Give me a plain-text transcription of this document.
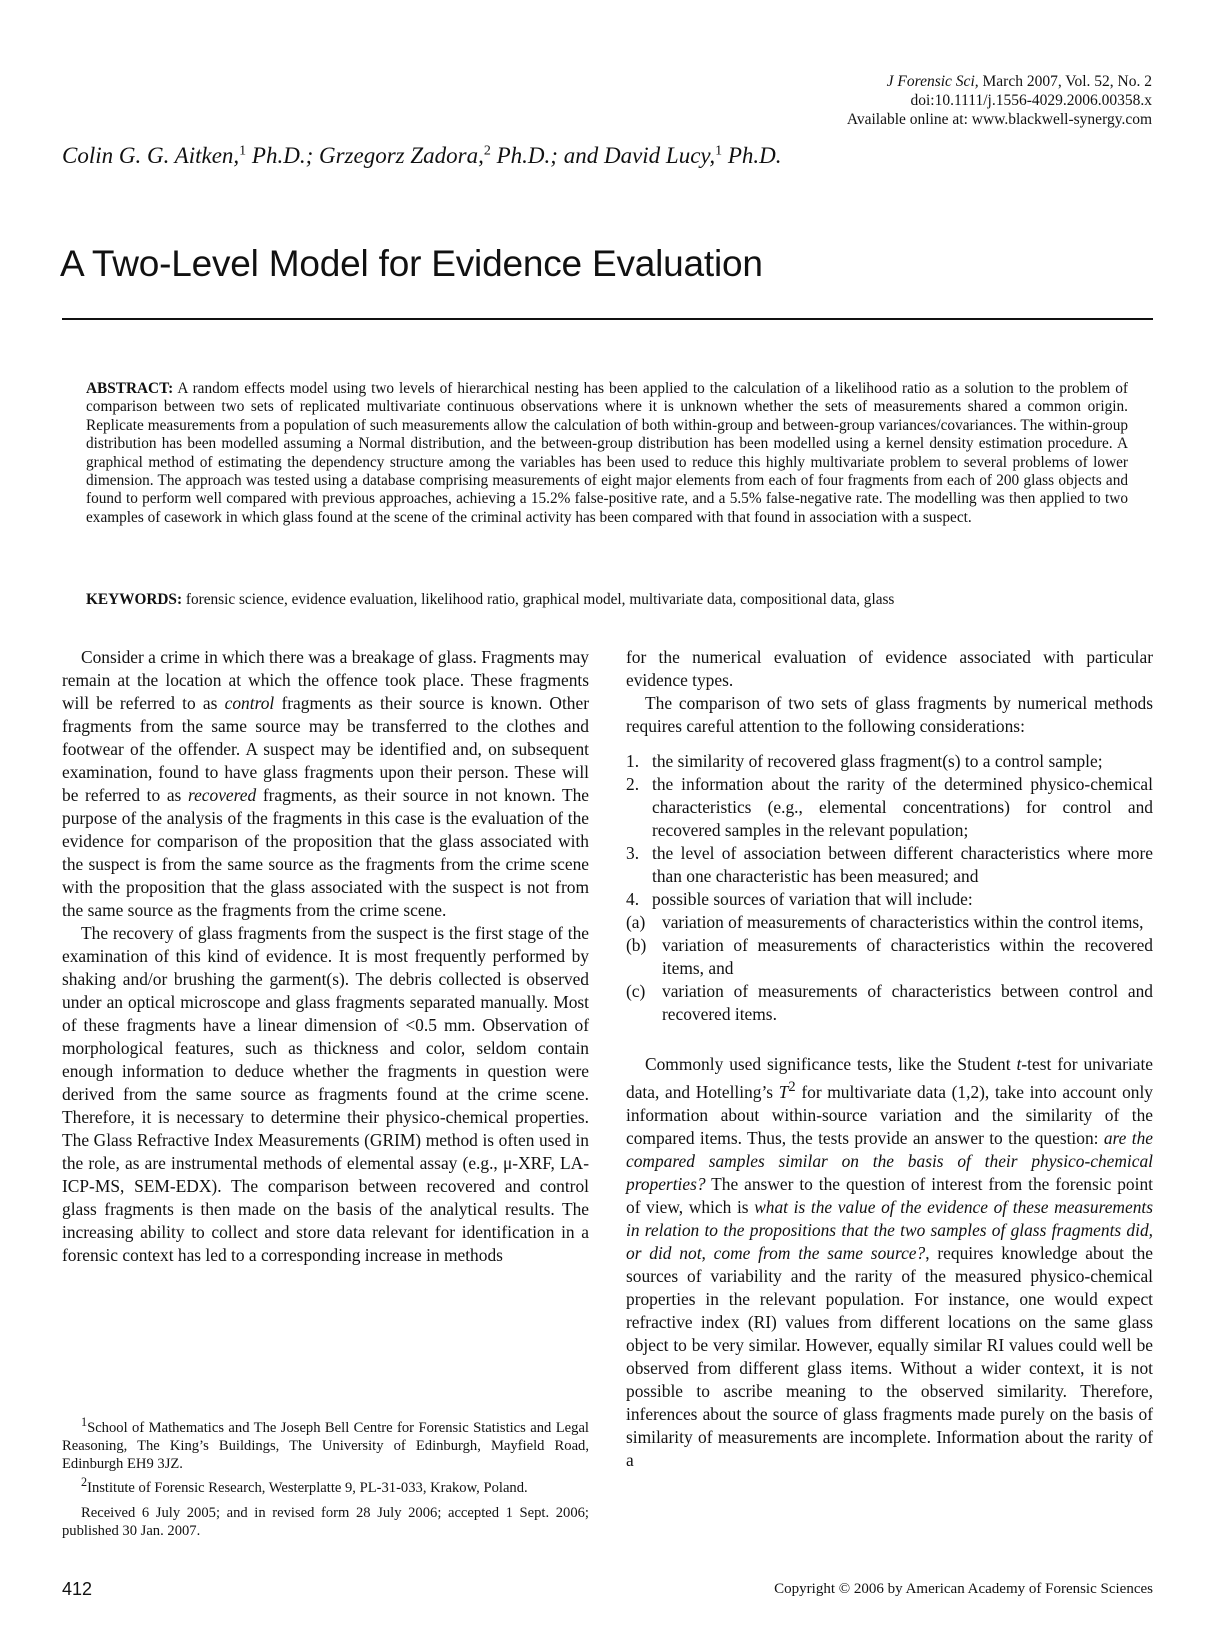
J Forensic Sci, March 2007, Vol. 52, No. 2
doi:10.1111/j.1556-4029.2006.00358.x
Available online at: www.blackwell-synergy.com
Colin G. G. Aitken,$^1$ Ph.D.; Grzegorz Zadora,$^2$ Ph.D.; and David Lucy,$^1$ Ph.D.
A Two-Level Model for Evidence Evaluation
ABSTRACT: A random effects model using two levels of hierarchical nesting has been applied to the calculation of a likelihood ratio as a solution to the problem of comparison between two sets of replicated multivariate continuous observations where it is unknown whether the sets of measurements shared a common origin. Replicate measurements from a population of such measurements allow the calculation of both within-group and between-group variances/covariances. The within-group distribution has been modelled assuming a Normal distribution, and the between-group distribution has been modelled using a kernel density estimation procedure. A graphical method of estimating the dependency structure among the variables has been used to reduce this highly multivariate problem to several problems of lower dimension. The approach was tested using a database comprising measurements of eight major elements from each of four fragments from each of 200 glass objects and found to perform well compared with previous approaches, achieving a 15.2% false-positive rate, and a 5.5% false-negative rate. The modelling was then applied to two examples of casework in which glass found at the scene of the criminal activity has been compared with that found in association with a suspect.
KEYWORDS: forensic science, evidence evaluation, likelihood ratio, graphical model, multivariate data, compositional data, glass

Consider a crime in which there was a breakage of glass. Fragments may remain at the location at which the offence took place. These fragments will be referred to as control fragments as their source is known. Other fragments from the same source may be transferred to the clothes and footwear of the offender. A suspect may be identified and, on subsequent examination, found to have glass fragments upon their person. These will be referred to as recovered fragments, as their source in not known. The purpose of the analysis of the fragments in this case is the evaluation of the evidence for comparison of the proposition that the glass associated with the suspect is from the same source as the fragments from the crime scene with the proposition that the glass associated with the suspect is not from the same source as the fragments from the crime scene.

The recovery of glass fragments from the suspect is the first stage of the examination of this kind of evidence. It is most frequently performed by shaking and/or brushing the garment(s). The debris collected is observed under an optical microscope and glass fragments separated manually. Most of these fragments have a linear dimension of <0.5 mm. Observation of morphological features, such as thickness and color, seldom contain enough information to deduce whether the fragments in question were derived from the same source as fragments found at the crime scene. Therefore, it is necessary to determine their physico-chemical properties. The Glass Refractive Index Measurements (GRIM) method is often used in the role, as are instrumental methods of elemental assay (e.g., μ-XRF, LA-ICP-MS, SEM-EDX). The comparison between recovered and control glass fragments is then made on the basis of the analytical results. The increasing ability to collect and store data relevant for identification in a forensic context has led to a corresponding increase in methods

$^1$School of Mathematics and The Joseph Bell Centre for Forensic Statistics and Legal Reasoning, The King’s Buildings, The University of Edinburgh, Mayfield Road, Edinburgh EH9 3JZ.

$^2$Institute of Forensic Research, Westerplatte 9, PL-31-033, Krakow, Poland.

Received 6 July 2005; and in revised form 28 July 2006; accepted 1 Sept. 2006; published 30 Jan. 2007.

for the numerical evaluation of evidence associated with particular evidence types.

The comparison of two sets of glass fragments by numerical methods requires careful attention to the following considerations:

1. the similarity of recovered glass fragment(s) to a control sample;
2. the information about the rarity of the determined physico-chemical characteristics (e.g., elemental concentrations) for control and recovered samples in the relevant population;
3. the level of association between different characteristics where more than one characteristic has been measured; and
4. possible sources of variation that will include:
(a) variation of measurements of characteristics within the control items,
(b) variation of measurements of characteristics within the recovered items, and
(c) variation of measurements of characteristics between control and recovered items.

Commonly used significance tests, like the Student t-test for univariate data, and Hotelling’s $T^2$ for multivariate data (1,2), take into account only information about within-source variation and the similarity of the compared items. Thus, the tests provide an answer to the question: are the compared samples similar on the basis of their physico-chemical properties? The answer to the question of interest from the forensic point of view, which is what is the value of the evidence of these measurements in relation to the propositions that the two samples of glass fragments did, or did not, come from the same source?, requires knowledge about the sources of variability and the rarity of the measured physico-chemical properties in the relevant population. For instance, one would expect refractive index (RI) values from different locations on the same glass object to be very similar. However, equally similar RI values could well be observed from different glass items. Without a wider context, it is not possible to ascribe meaning to the observed similarity. Therefore, inferences about the source of glass fragments made purely on the basis of similarity of measurements are incomplete. Information about the rarity of a

412	Copyright © 2006 by American Academy of Forensic Sciences
